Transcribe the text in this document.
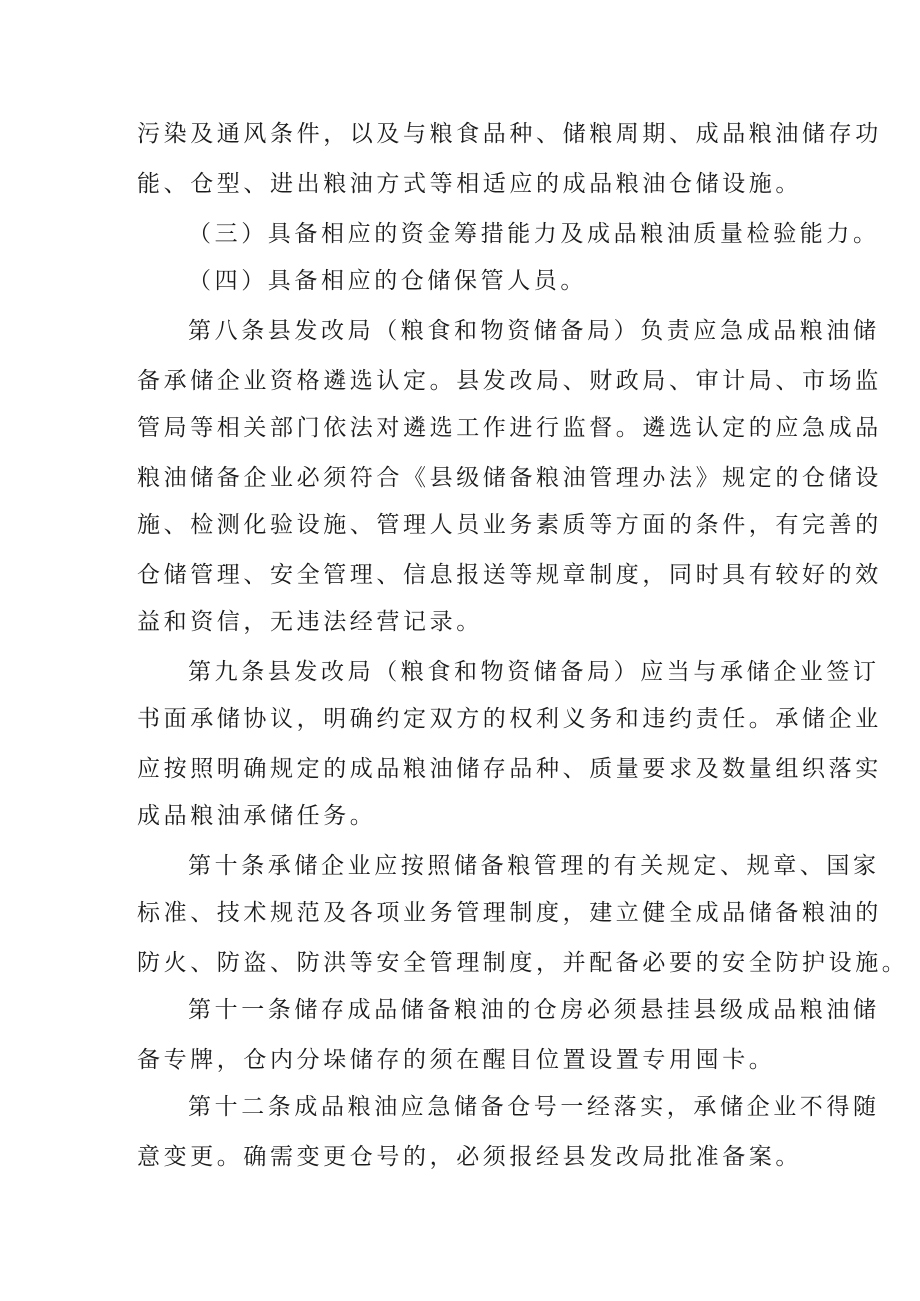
污染及通风条件，以及与粮食品种、储粮周期、成品粮油储存功

能、仓型、进出粮油方式等相适应的成品粮油仓储设施。

（三）具备相应的资金筹措能力及成品粮油质量检验能力。

（四）具备相应的仓储保管人员。

第八条县发改局（粮食和物资储备局）负责应急成品粮油储

备承储企业资格遴选认定。县发改局、财政局、审计局、市场监

管局等相关部门依法对遴选工作进行监督。遴选认定的应急成品

粮油储备企业必须符合《县级储备粮油管理办法》规定的仓储设

施、检测化验设施、管理人员业务素质等方面的条件，有完善的

仓储管理、安全管理、信息报送等规章制度，同时具有较好的效

益和资信，无违法经营记录。

第九条县发改局（粮食和物资储备局）应当与承储企业签订

书面承储协议，明确约定双方的权利义务和违约责任。承储企业

应按照明确规定的成品粮油储存品种、质量要求及数量组织落实

成品粮油承储任务。

第十条承储企业应按照储备粮管理的有关规定、规章、国家

标准、技术规范及各项业务管理制度，建立健全成品储备粮油的

防火、防盗、防洪等安全管理制度，并配备必要的安全防护设施。

第十一条储存成品储备粮油的仓房必须悬挂县级成品粮油储

备专牌，仓内分垛储存的须在醒目位置设置专用囤卡。

第十二条成品粮油应急储备仓号一经落实，承储企业不得随

意变更。确需变更仓号的，必须报经县发改局批准备案。
